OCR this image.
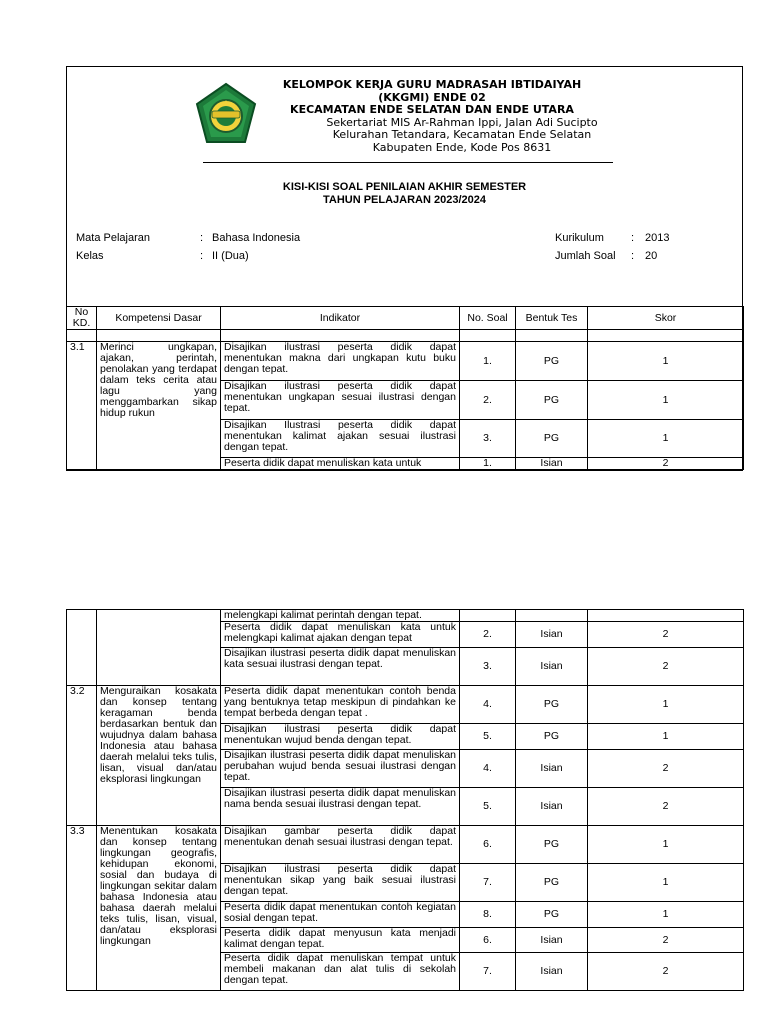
KELOMPOK KERJA GURU MADRASAH IBTIDAIYAH
(KKGMI) ENDE 02
KECAMATAN ENDE SELATAN DAN ENDE UTARA
Sekertariat MIS Ar-Rahman Ippi, Jalan Adi Sucipto
Kelurahan Tetandara, Kecamatan Ende Selatan
Kabupaten Ende, Kode Pos 8631
KISI-KISI SOAL PENILAIAN AKHIR SEMESTER
TAHUN PELAJARAN 2023/2024
Mata Pelajaran	: Bahasa Indonesia
Kelas	: II (Dua)
Kurikulum : 2013
Jumlah Soal : 20
No KD.	Kompetensi Dasar	Indikator	No. Soal	Bentuk Tes	Skor

3.1	Merinci ungkapan, ajakan, perintah, penolakan yang terdapat dalam teks cerita atau lagu yang menggambarkan sikap hidup rukun	Disajikan ilustrasi peserta didik dapat menentukan makna dari ungkapan kutu buku dengan tepat.	1.	PG	1
		Disajikan ilustrasi peserta didik dapat menentukan ungkapan sesuai ilustrasi dengan tepat.	2.	PG	1
		Disajikan Ilustrasi peserta didik dapat menentukan kalimat ajakan sesuai ilustrasi dengan tepat.	3.	PG	1
		Peserta didik dapat menuliskan kata untuk	1.	Isian	2
		melengkapi kalimat perintah dengan tepat.			
		Peserta didik dapat menuliskan kata untuk melengkapi kalimat ajakan dengan tepat	2.	Isian	2
		Disajikan ilustrasi peserta didik dapat menuliskan kata sesuai ilustrasi dengan tepat.	3.	Isian	2
3.2	Menguraikan kosakata dan konsep tentang keragaman benda berdasarkan bentuk dan wujudnya dalam bahasa Indonesia atau bahasa daerah melalui teks tulis, lisan, visual dan/atau eksplorasi lingkungan	Peserta didik dapat menentukan contoh benda yang bentuknya tetap meskipun di pindahkan ke tempat berbeda dengan tepat .	4.	PG	1
		Disajikan ilustrasi peserta didik dapat menentukan wujud benda dengan tepat.	5.	PG	1
		Disajikan ilustrasi peserta didik dapat menuliskan perubahan wujud benda sesuai ilustrasi dengan tepat.	4.	Isian	2
		Disajikan ilustrasi peserta didik dapat menuliskan nama benda sesuai ilustrasi dengan tepat.	5.	Isian	2
3.3	Menentukan kosakata dan konsep tentang lingkungan geografis, kehidupan ekonomi, sosial dan budaya di lingkungan sekitar dalam bahasa Indonesia atau bahasa daerah melalui teks tulis, lisan, visual, dan/atau eksplorasi lingkungan	Disajikan gambar peserta didik dapat menentukan denah sesuai ilustrasi dengan tepat.	6.	PG	1
		Disajikan ilustrasi peserta didik dapat menentukan sikap yang baik sesuai ilustrasi dengan tepat.	7.	PG	1
		Peserta didik dapat menentukan contoh kegiatan sosial dengan tepat.	8.	PG	1
		Peserta didik dapat menyusun kata menjadi kalimat dengan tepat.	6.	Isian	2
		Peserta didik dapat menuliskan tempat untuk membeli makanan dan alat tulis di sekolah dengan tepat.	7.	Isian	2
